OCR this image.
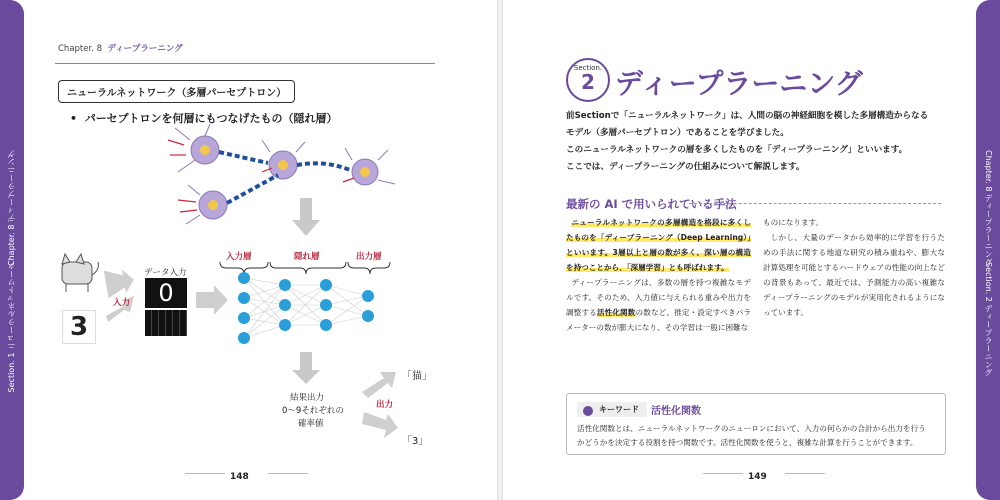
Chapter. 8 ディープラーニング
Section. 1 ニューラルネットワーク
Chapter. 8 ディープラーニング
ニューラルネットワーク（多層パーセプトロン）
•  パーセプトロンを何層にもつなげたもの（隠れ層）
入力層	隠れ層	出力層
データ入力
入力	0
3
結果出力
0～9それぞれの
確率値
出力
「猫」
「3」
148
Chapter. 8 ディープラーニング
Section. 2 ディープラーニング
Section.
2 ディープラーニング
前Sectionで「ニューラルネットワーク」は、人間の脳の神経細胞を模した多層構造からなる
モデル（多層パーセプトロン）であることを学びました。
このニューラルネットワークの層を多くしたものを「ディープラーニング」といいます。
ここでは、ディープラーニングの仕組みについて解説します。
最新の AI で用いられている手法
ニューラルネットワークの多層構造を格段に多くしたものを「ディープラーニング（Deep Learning）」といいます。3層以上と層の数が多く、深い層の構造を持つことから、「深層学習」とも呼ばれます。
ディープラーニングは、多数の層を持つ複雑なモデルです。そのため、入力値に与えられる重みや出力を調整する活性化関数の数など、推定・設定すべきパラメーターの数が膨大になり、その学習は一般に困難な
ものになります。
しかし、大量のデータから効率的に学習を行うための手法に関する地道な研究の積み重ねや、膨大な計算処理を可能とするハードウェアの性能の向上などの背景もあって、最近では、予測能力の高い複雑なディープラーニングのモデルが実用化されるようになっています。
キーワード	活性化関数
活性化関数とは、ニューラルネットワークのニューロンにおいて、入力の何らかの合計から出力を行うかどうかを決定する役割を持つ関数です。活性化関数を使うと、複雑な計算を行うことができます。
149
